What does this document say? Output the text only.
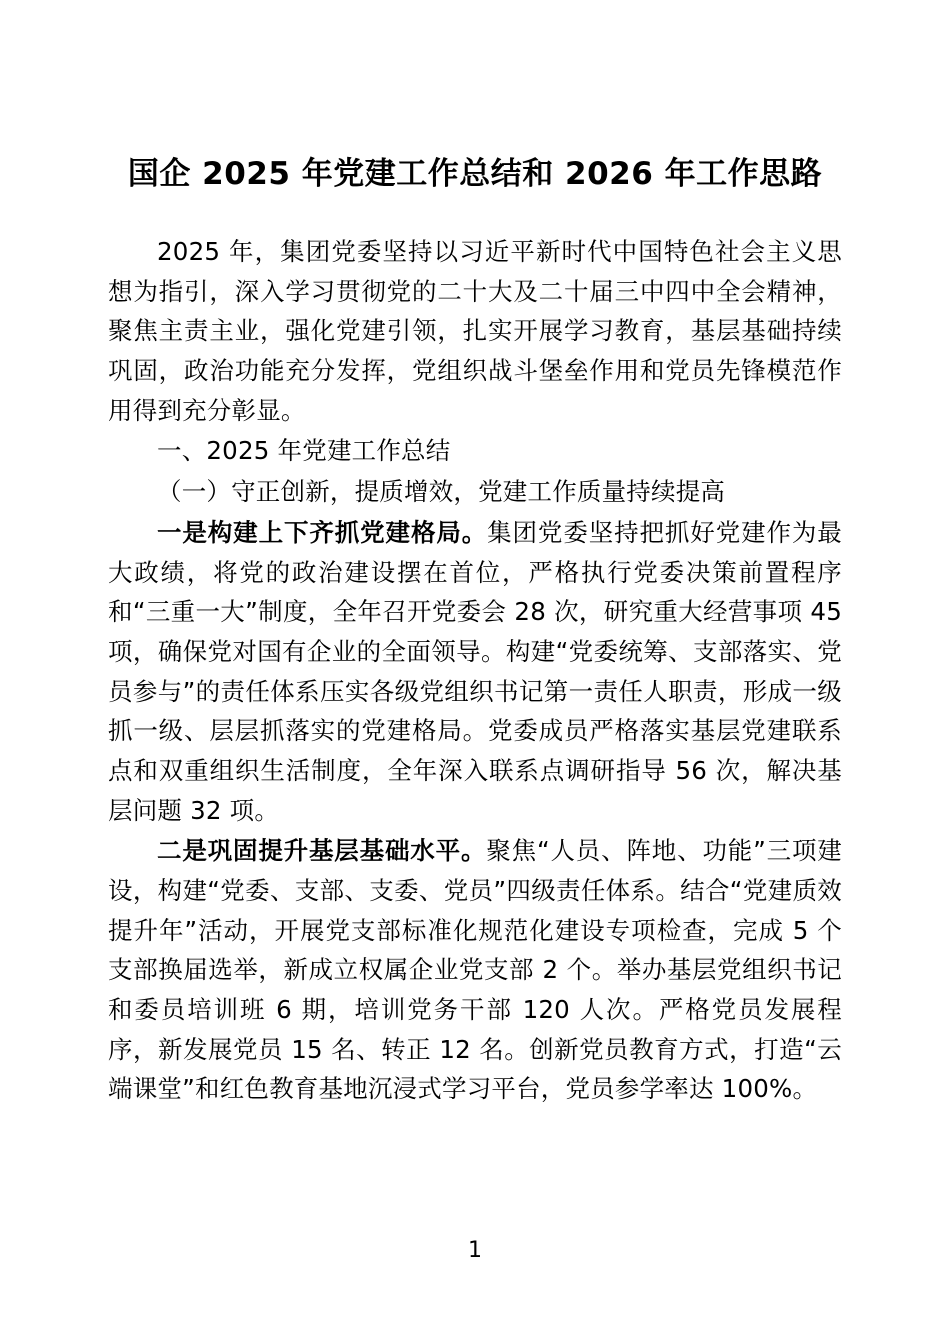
国企 2025 年党建工作总结和 2026 年工作思路

2025 年，集团党委坚持以习近平新时代中国特色社会主义思想为指引，深入学习贯彻党的二十大及二十届三中四中全会精神，聚焦主责主业，强化党建引领，扎实开展学习教育，基层基础持续巩固，政治功能充分发挥，党组织战斗堡垒作用和党员先锋模范作用得到充分彰显。

一、2025 年党建工作总结

（一）守正创新，提质增效，党建工作质量持续提高

一是构建上下齐抓党建格局。集团党委坚持把抓好党建作为最大政绩，将党的政治建设摆在首位，严格执行党委决策前置程序和“三重一大”制度，全年召开党委会 28 次，研究重大经营事项 45 项，确保党对国有企业的全面领导。构建“党委统筹、支部落实、党员参与”的责任体系压实各级党组织书记第一责任人职责，形成一级抓一级、层层抓落实的党建格局。党委成员严格落实基层党建联系点和双重组织生活制度，全年深入联系点调研指导 56 次，解决基层问题 32 项。

二是巩固提升基层基础水平。聚焦“人员、阵地、功能”三项建设，构建“党委、支部、支委、党员”四级责任体系。结合“党建质效提升年”活动，开展党支部标准化规范化建设专项检查，完成 5 个支部换届选举，新成立权属企业党支部 2 个。举办基层党组织书记和委员培训班 6 期，培训党务干部 120 人次。严格党员发展程序，新发展党员 15 名、转正 12 名。创新党员教育方式，打造“云端课堂”和红色教育基地沉浸式学习平台，党员参学率达 100%。

1
